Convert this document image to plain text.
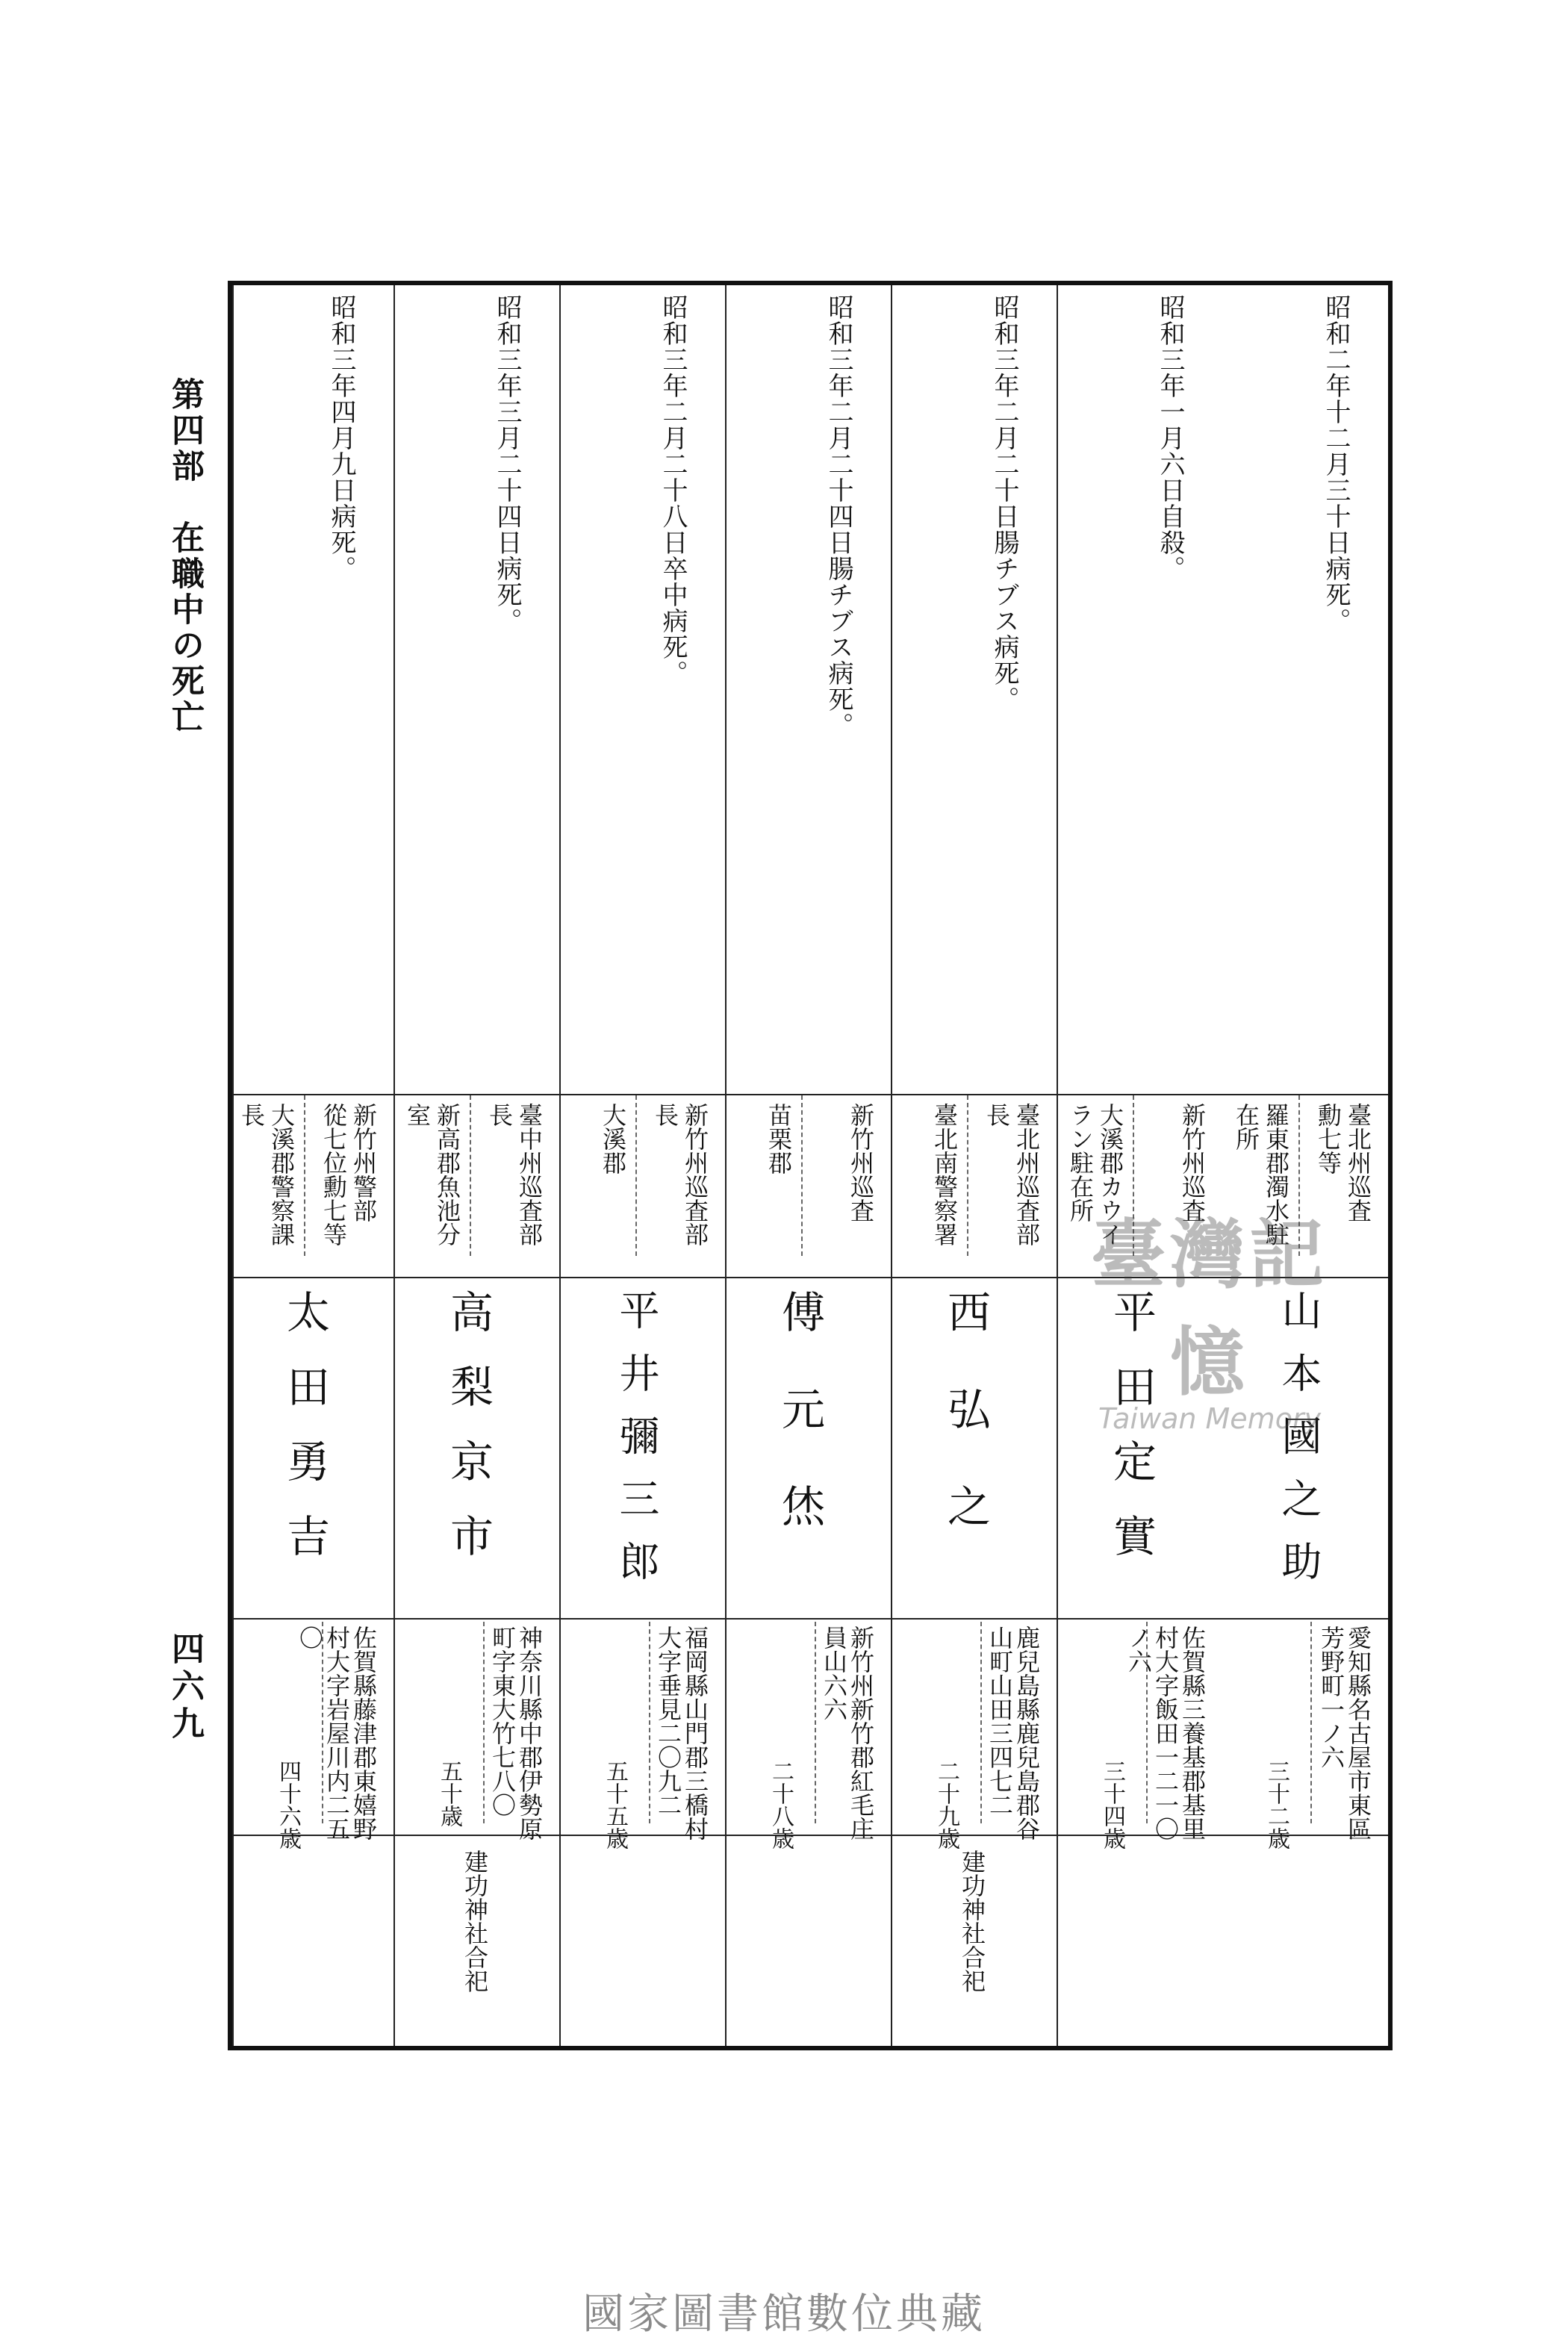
第四部　在職中の死亡
四六九
昭和二年十二月三十日病死。
臺北州巡査
勳七等
羅東郡濁水駐
在所
山本國之助
愛知縣名古屋市東區
芳野町一ノ六
三十二歳
昭和三年一月六日自殺。
新竹州巡査

大溪郡カウイ
ラン駐在所
平田定實
佐賀縣三養基郡基里
村大字飯田一二一〇
ノ六
三十四歳
昭和三年二月二十日腸チブス病死。
臺北州巡査部
長
臺北南警察署

西弘之
鹿兒島縣鹿兒島郡谷
山町山田三四七二
二十九歳
建功神社合祀
昭和三年二月二十四日腸チブス病死。
新竹州巡査

苗栗郡

傅元烋
新竹州新竹郡紅毛庄
員山六六
二十八歳
昭和三年二月二十八日卒中病死。
新竹州巡査部
長
大溪郡

平井彌三郎
福岡縣山門郡三橋村
大字垂見二〇九二
五十五歳
昭和三年三月二十四日病死。
臺中州巡査部
長
新高郡魚池分
室
高梨京市
神奈川縣中郡伊勢原
町字東大竹七八〇
五十歳
建功神社合祀
昭和三年四月九日病死。
新竹州警部
從七位勳七等
大溪郡警察課
長
太田勇吉
佐賀縣藤津郡東嬉野
村大字岩屋川内二五
〇
四十六歳
臺灣記憶
Taiwan Memory
國家圖書館數位典藏
